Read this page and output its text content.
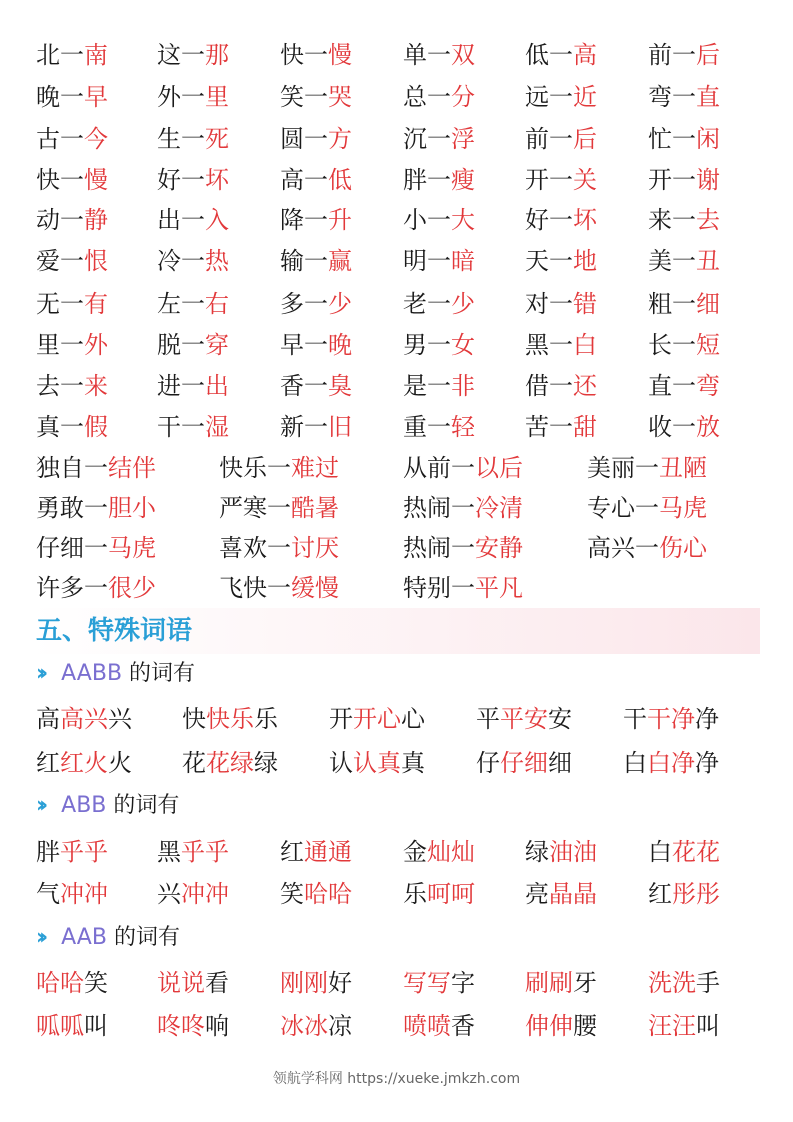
北一南 这一那 快一慢 单一双 低一高 前一后
晚一早 外一里 笑一哭 总一分 远一近 弯一直
古一今 生一死 圆一方 沉一浮 前一后 忙一闲
快一慢 好一坏 高一低 胖一瘦 开一关 开一谢
动一静 出一入 降一升 小一大 好一坏 来一去
爱一恨 冷一热 输一赢 明一暗 天一地 美一丑
无一有 左一右 多一少 老一少 对一错 粗一细
里一外 脱一穿 早一晚 男一女 黑一白 长一短
去一来 进一出 香一臭 是一非 借一还 直一弯
真一假 干一湿 新一旧 重一轻 苦一甜 收一放
独自一结伴	快乐一难过	从前一以后	美丽一丑陋
勇敢一胆小	严寒一酷暑	热闹一冷清	专心一马虎
仔细一马虎	喜欢一讨厌	热闹一安静	高兴一伤心
许多一很少	飞快一缓慢	特别一平凡
五、特殊词语
›› AABB 的词有
高高兴兴 快快乐乐 开开心心 平平安安 干干净净
红红火火 花花绿绿 认认真真 仔仔细细 白白净净
›› ABB 的词有
胖乎乎 黑乎乎 红通通 金灿灿 绿油油 白花花
气冲冲 兴冲冲 笑哈哈 乐呵呵 亮晶晶 红彤彤
›› AAB 的词有
哈哈笑 说说看 刚刚好 写写字 刷刷牙 洗洗手
呱呱叫 咚咚响 冰冰凉 喷喷香 伸伸腰 汪汪叫
领航学科网 https://xueke.jmkzh.com
